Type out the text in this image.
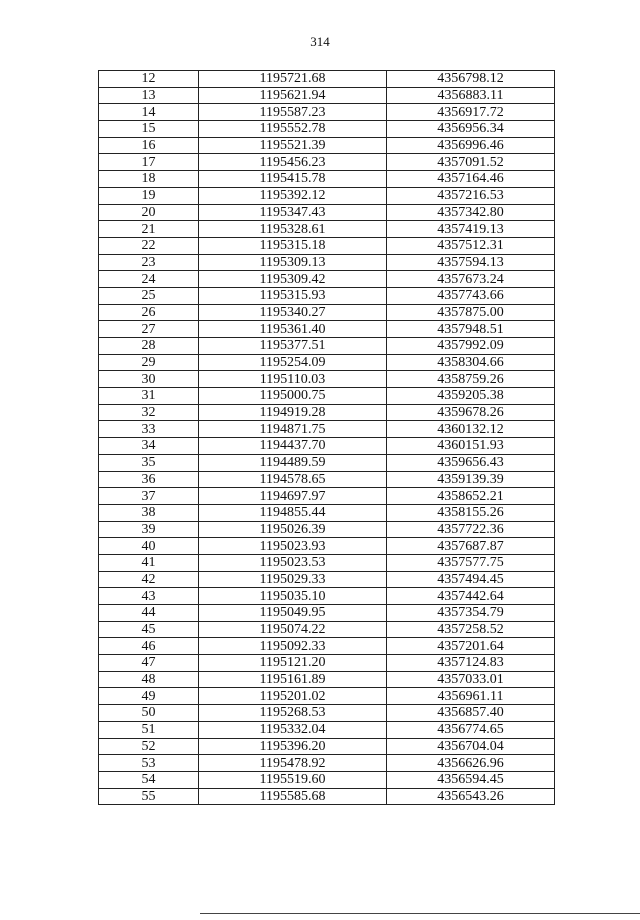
314
12	1195721.68	4356798.12
13	1195621.94	4356883.11
14	1195587.23	4356917.72
15	1195552.78	4356956.34
16	1195521.39	4356996.46
17	1195456.23	4357091.52
18	1195415.78	4357164.46
19	1195392.12	4357216.53
20	1195347.43	4357342.80
21	1195328.61	4357419.13
22	1195315.18	4357512.31
23	1195309.13	4357594.13
24	1195309.42	4357673.24
25	1195315.93	4357743.66
26	1195340.27	4357875.00
27	1195361.40	4357948.51
28	1195377.51	4357992.09
29	1195254.09	4358304.66
30	1195110.03	4358759.26
31	1195000.75	4359205.38
32	1194919.28	4359678.26
33	1194871.75	4360132.12
34	1194437.70	4360151.93
35	1194489.59	4359656.43
36	1194578.65	4359139.39
37	1194697.97	4358652.21
38	1194855.44	4358155.26
39	1195026.39	4357722.36
40	1195023.93	4357687.87
41	1195023.53	4357577.75
42	1195029.33	4357494.45
43	1195035.10	4357442.64
44	1195049.95	4357354.79
45	1195074.22	4357258.52
46	1195092.33	4357201.64
47	1195121.20	4357124.83
48	1195161.89	4357033.01
49	1195201.02	4356961.11
50	1195268.53	4356857.40
51	1195332.04	4356774.65
52	1195396.20	4356704.04
53	1195478.92	4356626.96
54	1195519.60	4356594.45
55	1195585.68	4356543.26
